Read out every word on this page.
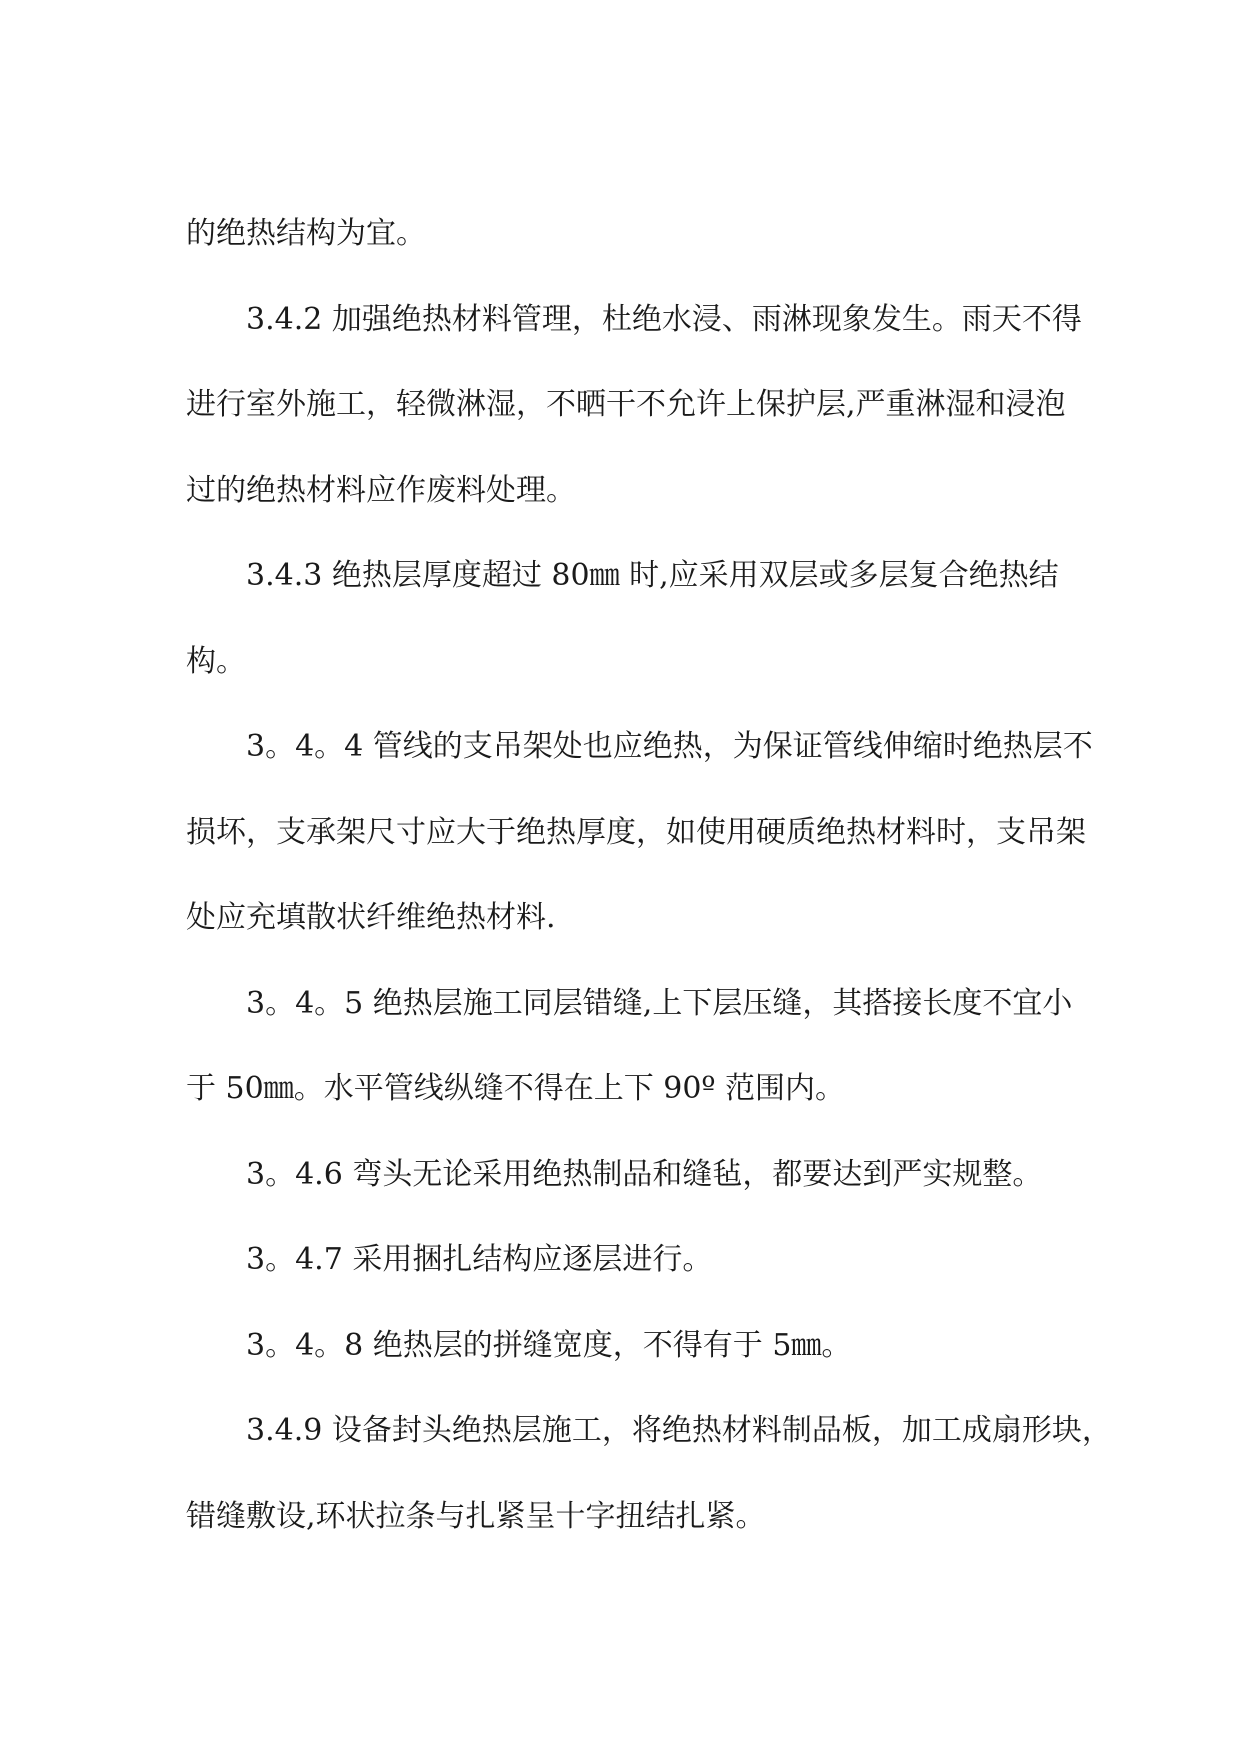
的绝热结构为宜。
3.4.2 加强绝热材料管理，杜绝水浸、雨淋现象发生。雨天不得
进行室外施工，轻微淋湿，不晒干不允许上保护层,严重淋湿和浸泡
过的绝热材料应作废料处理。
3.4.3 绝热层厚度超过 80㎜ 时,应采用双层或多层复合绝热结
构。
3。4。4 管线的支吊架处也应绝热，为保证管线伸缩时绝热层不
损坏，支承架尺寸应大于绝热厚度，如使用硬质绝热材料时，支吊架
处应充填散状纤维绝热材料.
3。4。5 绝热层施工同层错缝,上下层压缝，其搭接长度不宜小
于 50㎜。水平管线纵缝不得在上下 90º 范围内。
3。4.6 弯头无论采用绝热制品和缝毡，都要达到严实规整。
3。4.7 采用捆扎结构应逐层进行。
3。4。8 绝热层的拼缝宽度，不得有于 5㎜。
3.4.9 设备封头绝热层施工，将绝热材料制品板，加工成扇形块，
错缝敷设,环状拉条与扎紧呈十字扭结扎紧。
